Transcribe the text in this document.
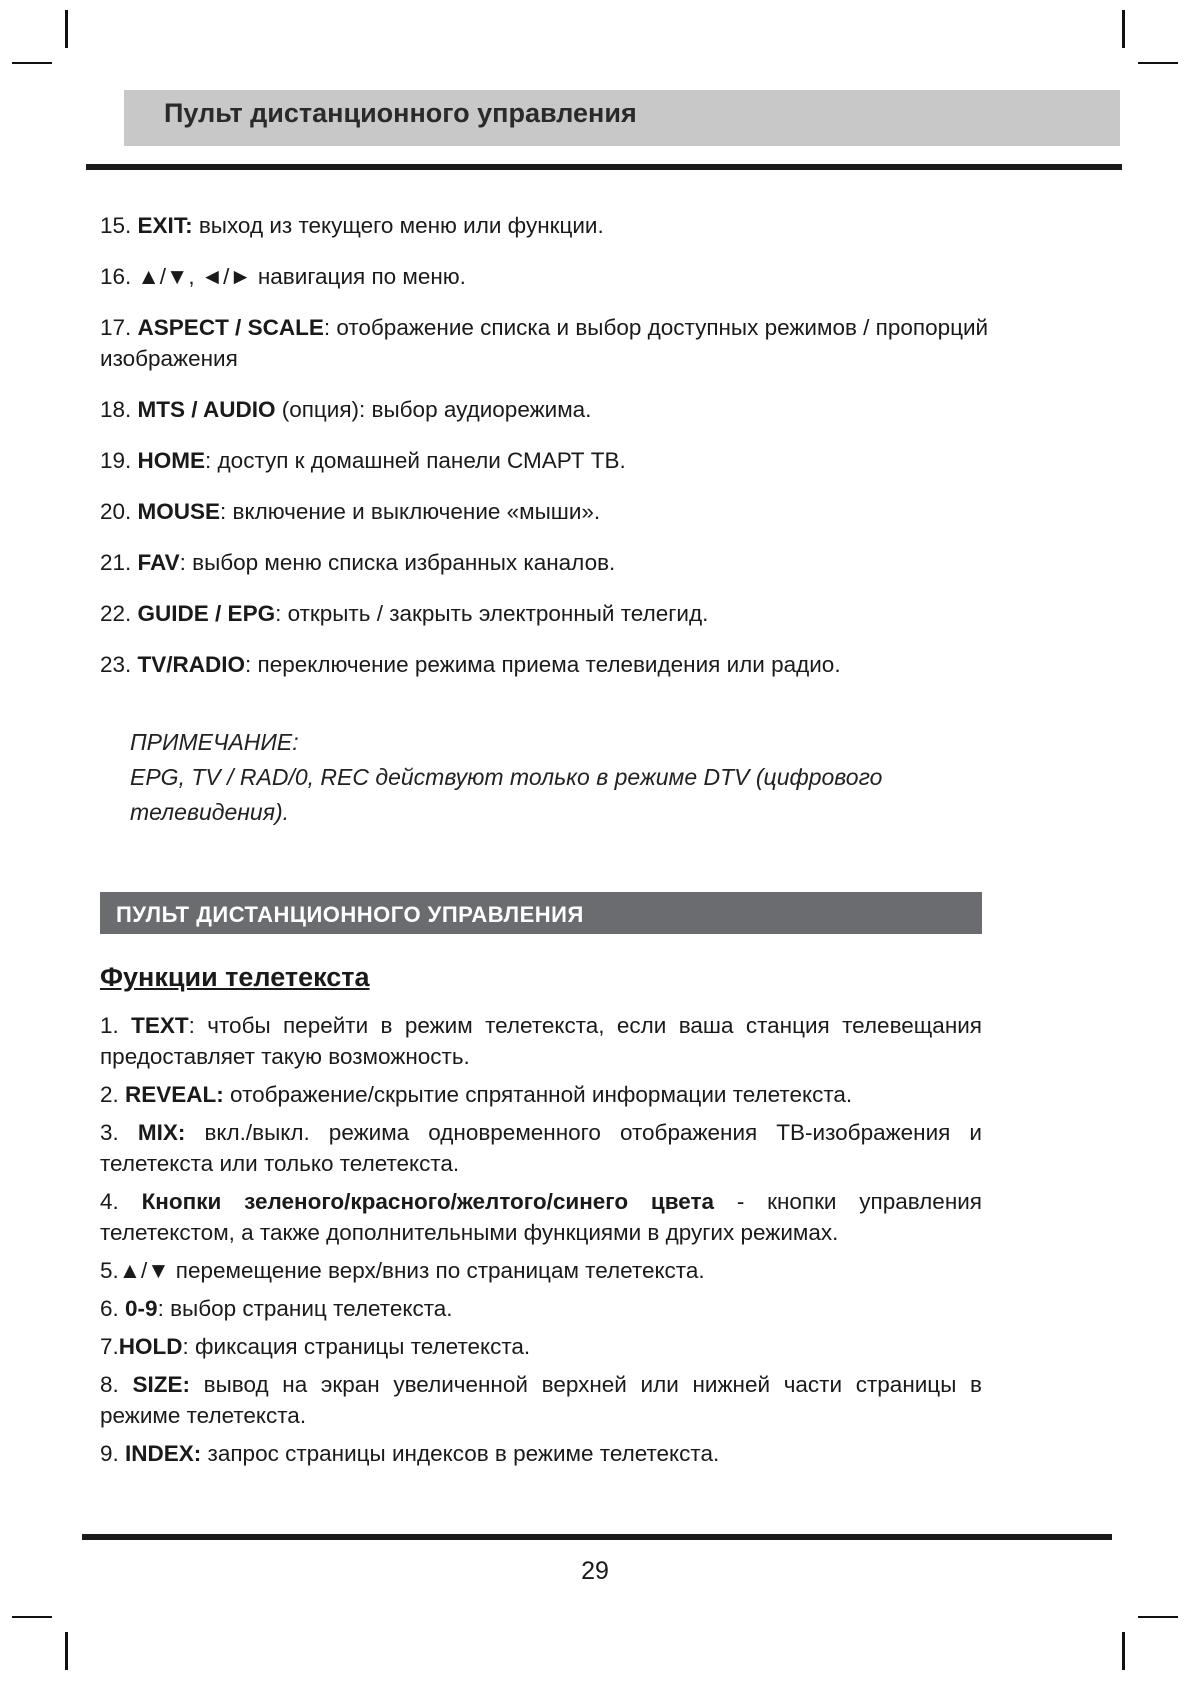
Пульт дистанционного управления
15. EXIT: выход из текущего меню или функции.
16. ▲/▼, ◄/► навигация по меню.
17. ASPECT / SCALE: отображение списка и выбор доступных режимов / пропорций изображения
18. MTS / AUDIO (опция): выбор аудиорежима.
19. HOME: доступ к домашней панели СМАРТ ТВ.
20. MOUSE: включение и выключение «мыши».
21. FAV: выбор меню списка избранных каналов.
22. GUIDE / EPG: открыть / закрыть электронный телегид.
23. TV/RADIO: переключение режима приема телевидения или радио.
ПРИМЕЧАНИЕ:
EPG, TV / RAD/0, REC действуют только в режиме DTV (цифрового телевидения).
ПУЛЬТ ДИСТАНЦИОННОГО УПРАВЛЕНИЯ
Функции телетекста
1. TEXT: чтобы перейти в режим телетекста, если ваша станция телевещания предоставляет такую возможность.
2. REVEAL: отображение/скрытие спрятанной информации телетекста.
3. MIX: вкл./выкл. режима одновременного отображения ТВ-изображения и телетекста или только телетекста.
4. Кнопки зеленого/красного/желтого/синего цвета - кнопки управления телетекстом, а также дополнительными функциями в других режимах.
5.▲/▼ перемещение верх/вниз по страницам телетекста.
6. 0-9: выбор страниц телетекста.
7.HOLD: фиксация страницы телетекста.
8. SIZE: вывод на экран увеличенной верхней или нижней части страницы в режиме телетекста.
9. INDEX: запрос страницы индексов в режиме телетекста.
29
